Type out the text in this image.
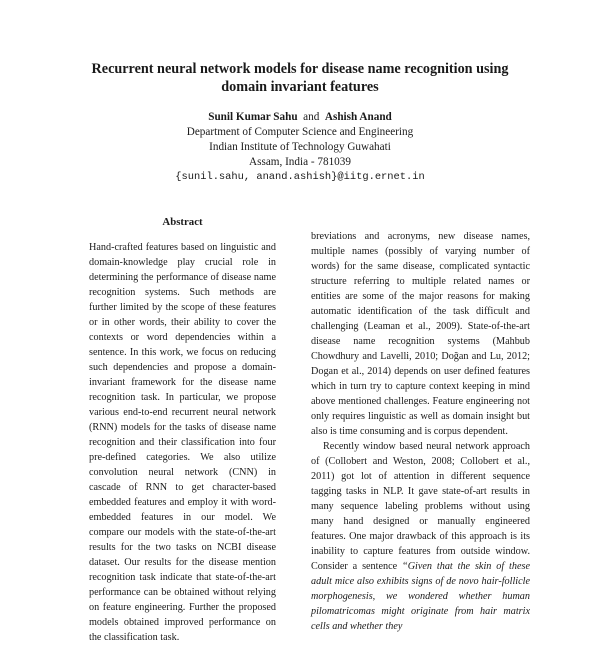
Recurrent neural network models for disease name recognition using
domain invariant features
Sunil Kumar Sahu and Ashish Anand
Department of Computer Science and Engineering
Indian Institute of Technology Guwahati
Assam, India - 781039
{sunil.sahu, anand.ashish}@iitg.ernet.in
Abstract

Hand-crafted features based on linguistic and domain-knowledge play crucial role in determining the performance of disease name recognition systems. Such methods are further limited by the scope of these features or in other words, their ability to cover the contexts or word dependencies within a sentence. In this work, we focus on reducing such dependencies and propose a domain-invariant framework for the disease name recognition task. In particular, we propose various end-to-end recurrent neural network (RNN) models for the tasks of disease name recognition and their classification into four pre-defined categories. We also utilize convolution neural network (CNN) in cascade of RNN to get character-based embedded features and employ it with word-embedded features in our model. We compare our models with the state-of-the-art results for the two tasks on NCBI disease dataset. Our results for the disease mention recognition task indicate that state-of-the-art performance can be obtained without relying on feature engineering. Further the proposed models obtained improved performance on the classification task.

breviations and acronyms, new disease names, multiple names (possibly of varying number of words) for the same disease, complicated syntactic structure referring to multiple related names or entities are some of the major reasons for making automatic identification of the task difficult and challenging (Leaman et al., 2009). State-of-the-art disease name recognition systems (Mahbub Chowdhury and Lavelli, 2010; Doğan and Lu, 2012; Dogan et al., 2014) depends on user defined features which in turn try to capture context keeping in mind above mentioned challenges. Feature engineering not only requires linguistic as well as domain insight but also is time consuming and is corpus dependent.

Recently window based neural network approach of (Collobert and Weston, 2008; Collobert et al., 2011) got lot of attention in different sequence tagging tasks in NLP. It gave state-of-art results in many sequence labeling problems without using many hand designed or manually engineered features. One major drawback of this approach is its inability to capture features from outside window. Consider a sentence “Given that the skin of these adult mice also exhibits signs of de novo hair-follicle morphogenesis, we wondered whether human pilomatricomas might originate from hair matrix cells and whether they
